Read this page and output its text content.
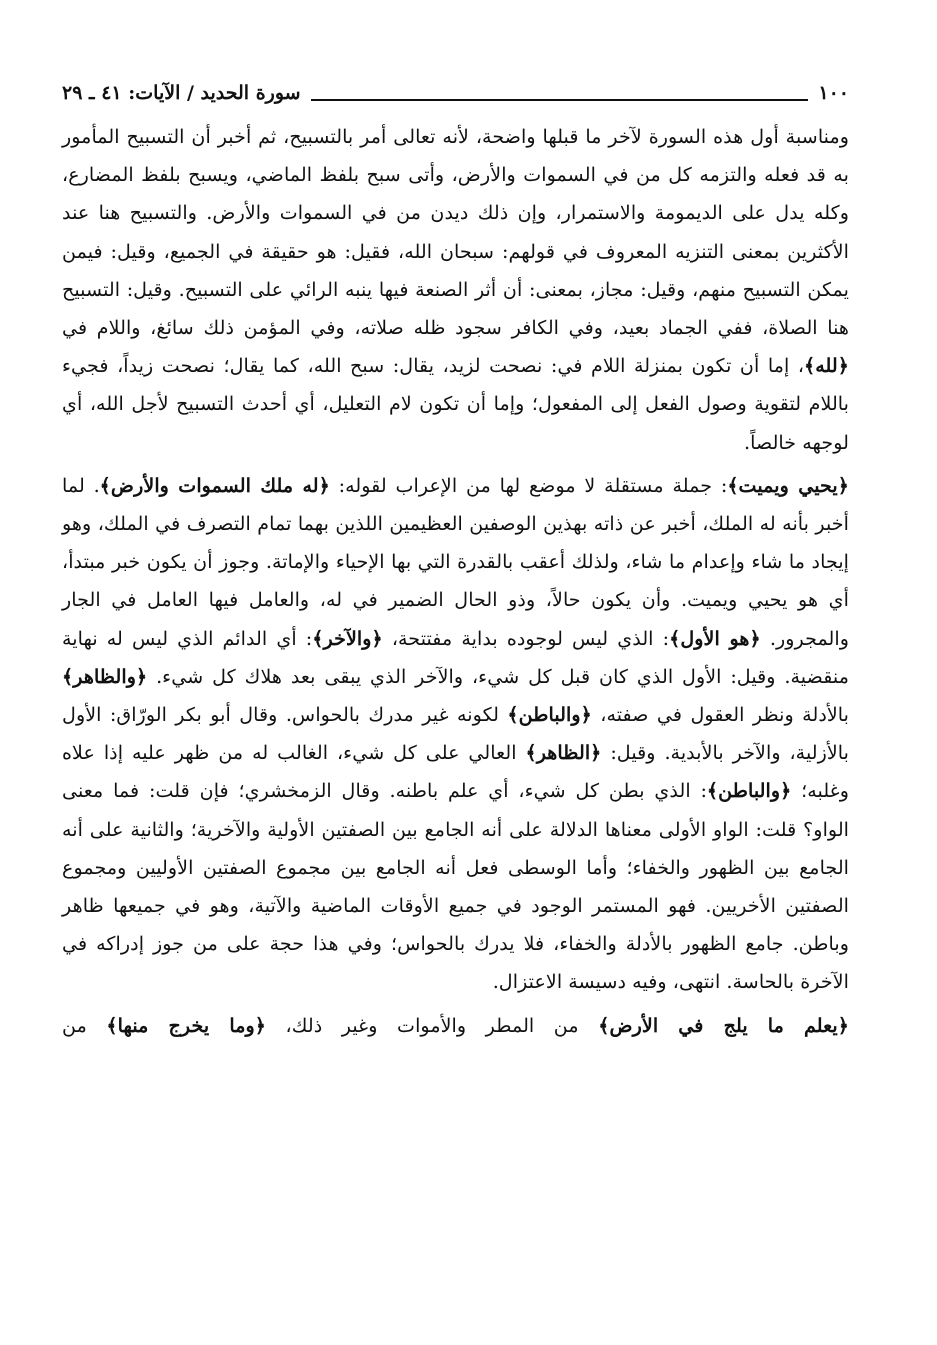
١٠٠
سورة الحديد / الآيات: ٤١ ـ ٢٩

ومناسبة أول هذه السورة لآخر ما قبلها واضحة، لأنه تعالى أمر بالتسبيح، ثم أخبر أن التسبيح المأمور به قد فعله والتزمه كل من في السموات والأرض، وأتى سبح بلفظ الماضي، ويسبح بلفظ المضارع، وكله يدل على الديمومة والاستمرار، وإن ذلك ديدن من في السموات والأرض. والتسبيح هنا عند الأكثرين بمعنى التنزيه المعروف في قولهم: سبحان الله، فقيل: هو حقيقة في الجميع، وقيل: فيمن يمكن التسبيح منهم، وقيل: مجاز، بمعنى: أن أثر الصنعة فيها ينبه الرائي على التسبيح. وقيل: التسبيح هنا الصلاة، ففي الجماد بعيد، وفي الكافر سجود ظله صلاته، وفي المؤمن ذلك سائغ، واللام في ﴿لله﴾، إما أن تكون بمنزلة اللام في: نصحت لزيد، يقال: سبح الله، كما يقال؛ نصحت زيداً، فجيء باللام لتقوية وصول الفعل إلى المفعول؛ وإما أن تكون لام التعليل، أي أحدث التسبيح لأجل الله، أي لوجهه خالصاً.

﴿يحيي ويميت﴾: جملة مستقلة لا موضع لها من الإعراب لقوله: ﴿له ملك السموات والأرض﴾. لما أخبر بأنه له الملك، أخبر عن ذاته بهذين الوصفين العظيمين اللذين بهما تمام التصرف في الملك، وهو إيجاد ما شاء وإعدام ما شاء، ولذلك أعقب بالقدرة التي بها الإحياء والإماتة. وجوز أن يكون خبر مبتدأ، أي هو يحيي ويميت. وأن يكون حالاً، وذو الحال الضمير في له، والعامل فيها العامل في الجار والمجرور. ﴿هو الأول﴾: الذي ليس لوجوده بداية مفتتحة، ﴿والآخر﴾: أي الدائم الذي ليس له نهاية منقضية. وقيل: الأول الذي كان قبل كل شيء، والآخر الذي يبقى بعد هلاك كل شيء. ﴿والظاهر﴾ بالأدلة ونظر العقول في صفته، ﴿والباطن﴾ لكونه غير مدرك بالحواس. وقال أبو بكر الورّاق: الأول بالأزلية، والآخر بالأبدية. وقيل: ﴿الظاهر﴾ العالي على كل شيء، الغالب له من ظهر عليه إذا علاه وغلبه؛ ﴿والباطن﴾: الذي بطن كل شيء، أي علم باطنه. وقال الزمخشري؛ فإن قلت: فما معنى الواو؟ قلت: الواو الأولى معناها الدلالة على أنه الجامع بين الصفتين الأولية والآخرية؛ والثانية على أنه الجامع بين الظهور والخفاء؛ وأما الوسطى فعل أنه الجامع بين مجموع الصفتين الأوليين ومجموع الصفتين الأخريين. فهو المستمر الوجود في جميع الأوقات الماضية والآتية، وهو في جميعها ظاهر وباطن. جامع الظهور بالأدلة والخفاء، فلا يدرك بالحواس؛ وفي هذا حجة على من جوز إدراكه في الآخرة بالحاسة. انتهى، وفيه دسيسة الاعتزال.

﴿يعلم ما يلج في الأرض﴾ من المطر والأموات وغير ذلك، ﴿وما يخرج منها﴾ من
